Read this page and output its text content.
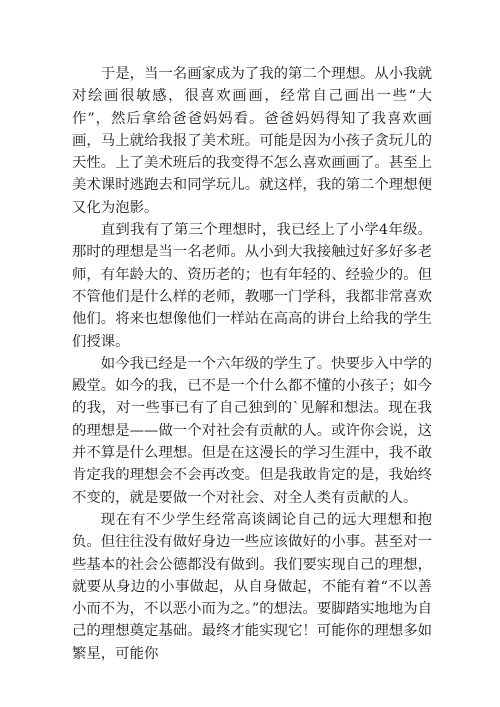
于是，当一名画家成为了我的第二个理想。从小我就对绘画很敏感，很喜欢画画，经常自己画出一些“大作”，然后拿给爸爸妈妈看。爸爸妈妈得知了我喜欢画画，马上就给我报了美术班。可能是因为小孩子贪玩儿的天性。上了美术班后的我变得不怎么喜欢画画了。甚至上美术课时逃跑去和同学玩儿。就这样，我的第二个理想便又化为泡影。

直到我有了第三个理想时，我已经上了小学4年级。那时的理想是当一名老师。从小到大我接触过好多好多老师，有年龄大的、资历老的；也有年轻的、经验少的。但不管他们是什么样的老师，教哪一门学科，我都非常喜欢他们。将来也想像他们一样站在高高的讲台上给我的学生们授课。

如今我已经是一个六年级的学生了。快要步入中学的殿堂。如今的我，已不是一个什么都不懂的小孩子；如今的我，对一些事已有了自己独到的`见解和想法。现在我的理想是——做一个对社会有贡献的人。或许你会说，这并不算是什么理想。但是在这漫长的学习生涯中，我不敢肯定我的理想会不会再改变。但是我敢肯定的是，我始终不变的，就是要做一个对社会、对全人类有贡献的人。

现在有不少学生经常高谈阔论自己的远大理想和抱负。但往往没有做好身边一些应该做好的小事。甚至对一些基本的社会公德都没有做到。我们要实现自己的理想，就要从身边的小事做起，从自身做起，不能有着“不以善小而不为，不以恶小而为之。”的想法。要脚踏实地地为自己的理想奠定基础。最终才能实现它！可能你的理想多如繁星，可能你
